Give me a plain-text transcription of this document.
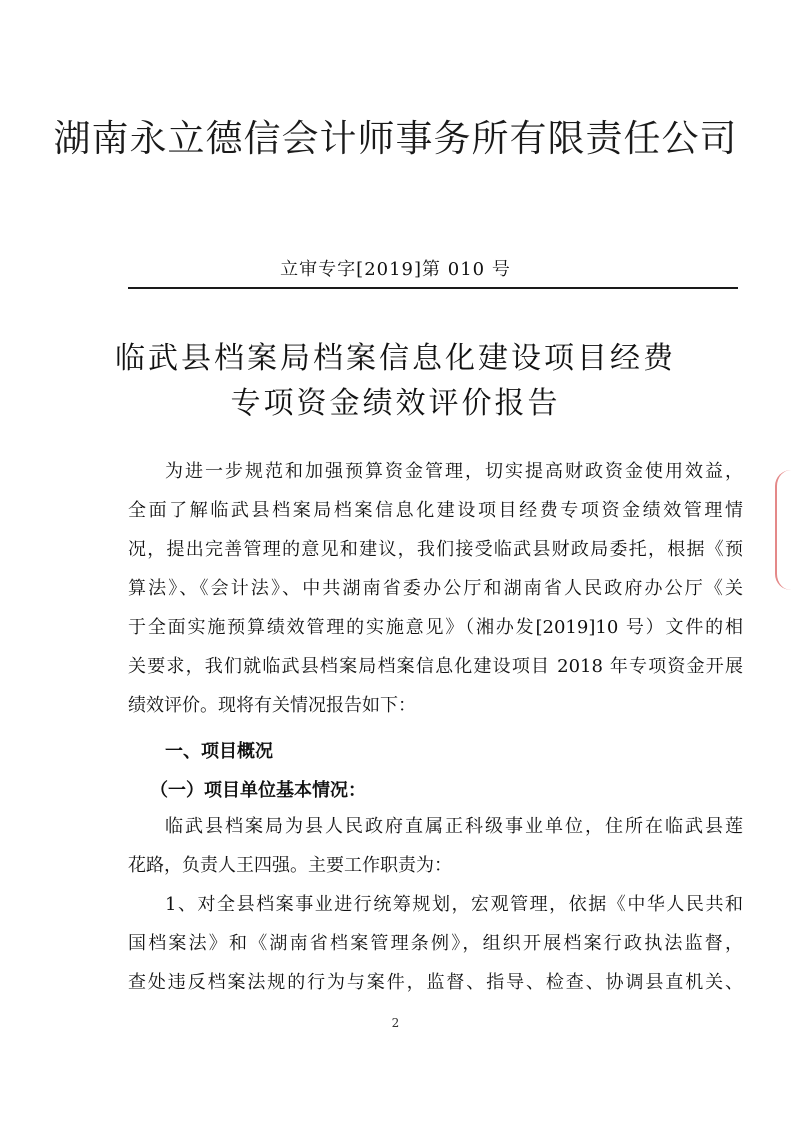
湖南永立德信会计师事务所有限责任公司
立审专字[2019]第 010 号
临武县档案局档案信息化建设项目经费
专项资金绩效评价报告
为进一步规范和加强预算资金管理，切实提高财政资金使用效益，
全面了解临武县档案局档案信息化建设项目经费专项资金绩效管理情
况，提出完善管理的意见和建议，我们接受临武县财政局委托，根据《预
算法》、《会计法》、中共湖南省委办公厅和湖南省人民政府办公厅《关
于全面实施预算绩效管理的实施意见》（湘办发[2019]10 号）文件的相
关要求，我们就临武县档案局档案信息化建设项目 2018 年专项资金开展
绩效评价。现将有关情况报告如下：
一、项目概况
（一）项目单位基本情况：
临武县档案局为县人民政府直属正科级事业单位，住所在临武县莲
花路，负责人王四强。主要工作职责为：
1、对全县档案事业进行统筹规划，宏观管理，依据《中华人民共和
国档案法》和《湖南省档案管理条例》，组织开展档案行政执法监督，
查处违反档案法规的行为与案件，监督、指导、检查、协调县直机关、
2
